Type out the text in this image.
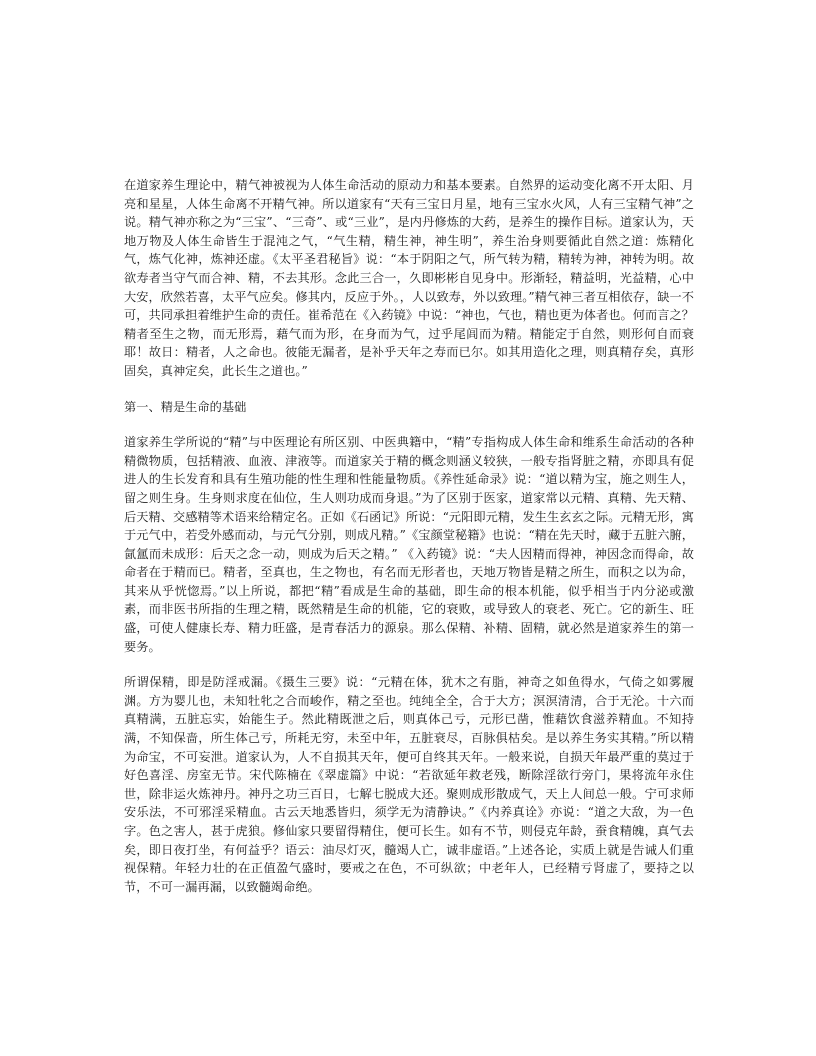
在道家养生理论中，精气神被视为人体生命活动的原动力和基本要素。自然界的运动变化离不开太阳、月亮和星星，人体生命离不开精气神。所以道家有“天有三宝日月星，地有三宝水火风，人有三宝精气神”之说。精气神亦称之为“三宝”、“三奇”、或“三业”，是内丹修炼的大药，是养生的操作目标。道家认为，天地万物及人体生命皆生于混沌之气，“气生精，精生神，神生明”，养生治身则要循此自然之道：炼精化气，炼气化神，炼神还虚。《太平圣君秘旨》说：“本于阴阳之气，所气转为精，精转为神，神转为明。故欲寿者当守气而合神、精，不去其形。念此三合一，久即彬彬自见身中。形渐轻，精益明，光益精，心中大安，欣然若喜，太平气应矣。修其内，反应于外。，人以致寿，外以致理。”精气神三者互相依存，缺一不可，共同承担着维护生命的责任。崔希范在《入药镜》中说：“神也，气也，精也更为体者也。何而言之？精者至生之物，而无形焉，藉气而为形，在身而为气，过乎尾闾而为精。精能定于自然，则形何自而衰耶！故日：精者，人之命也。彼能无漏者，是补乎天年之寿而已尔。如其用造化之理，则真精存矣，真形固矣，真神定矣，此长生之道也。”

第一、精是生命的基础

道家养生学所说的“精”与中医理论有所区别、中医典籍中，“精”专指构成人体生命和维系生命活动的各种精微物质，包括精液、血液、津液等。而道家关于精的概念则涵义较狭，一般专指肾脏之精，亦即具有促进人的生长发育和具有生殖功能的性生理和性能量物质。《养性延命录》说：“道以精为宝，施之则生人，留之则生身。生身则求度在仙位，生人则功成而身退。”为了区别于医家，道家常以元精、真精、先天精、后天精、交感精等术语来给精定名。正如《石函记》所说：“元阳即元精，发生生玄玄之际。元精无形，寓于元气中，若受外感而动，与元气分别，则成凡精。”《宝颜堂秘籍》也说：“精在先天时，藏于五脏六腑，氤氲而未成形：后天之念一动，则成为后天之精。” 《入药镜》说：“夫人因精而得神，神因念而得命，故命者在于精而已。精者，至真也，生之物也，有名而无形者也，天地万物皆是精之所生，而积之以为命，其来从乎恍惚焉。”以上所说，都把“精”看成是生命的基础，即生命的根本机能，似乎相当于内分泌或激素，而非医书所指的生理之精，既然精是生命的机能，它的衰败，或导致人的衰老、死亡。它的新生、旺盛，可使人健康长寿、精力旺盛，是青春活力的源泉。那么保精、补精、固精，就必然是道家养生的第一要务。

所谓保精，即是防淫戒漏。《摄生三要》说：“元精在体，犹木之有脂，神奇之如鱼得水，气倚之如雾履渊。方为婴儿也，未知牡牝之合而峻作，精之至也。纯纯全全，合于大方；溟溟清清，合于无沦。十六而真精满，五脏忘实，始能生子。然此精既泄之后，则真体己亏，元形已凿，惟藉饮食滋养精血。不知持满，不知保啬，所生体己亏，所耗无穷，未至中年，五脏衰尽，百脉俱枯矣。是以养生务实其精。”所以精为命宝，不可妄泄。道家认为，人不自损其天年，便可自终其天年。一般来说，自损天年最严重的莫过于好色喜淫、房室无节。宋代陈楠在《翠虚篇》中说：“若欲延年救老残，断除淫欲行旁门，果将流年永住世，除非运火炼神丹。神丹之功三百日，七解七脱成大还。聚则成形散成气，天上人间总一般。宁可求师安乐法，不可邪淫采精血。古云天地悉皆归，须学无为清静诀。”《内养真诠》亦说：“道之大敌，为一色字。色之害人，甚于虎狼。修仙家只要留得精住，便可长生。如有不节，则侵克年龄，蚕食精魄，真气去矣，即日夜打坐，有何益乎？语云：油尽灯灭，髓竭人亡，诚非虚语。”上述各论，实质上就是告诫人们重视保精。年轻力壮的在正值盈气盛时，要戒之在色，不可纵欲；中老年人，已经精亏肾虚了，要持之以节，不可一漏再漏，以致髓竭命绝。
